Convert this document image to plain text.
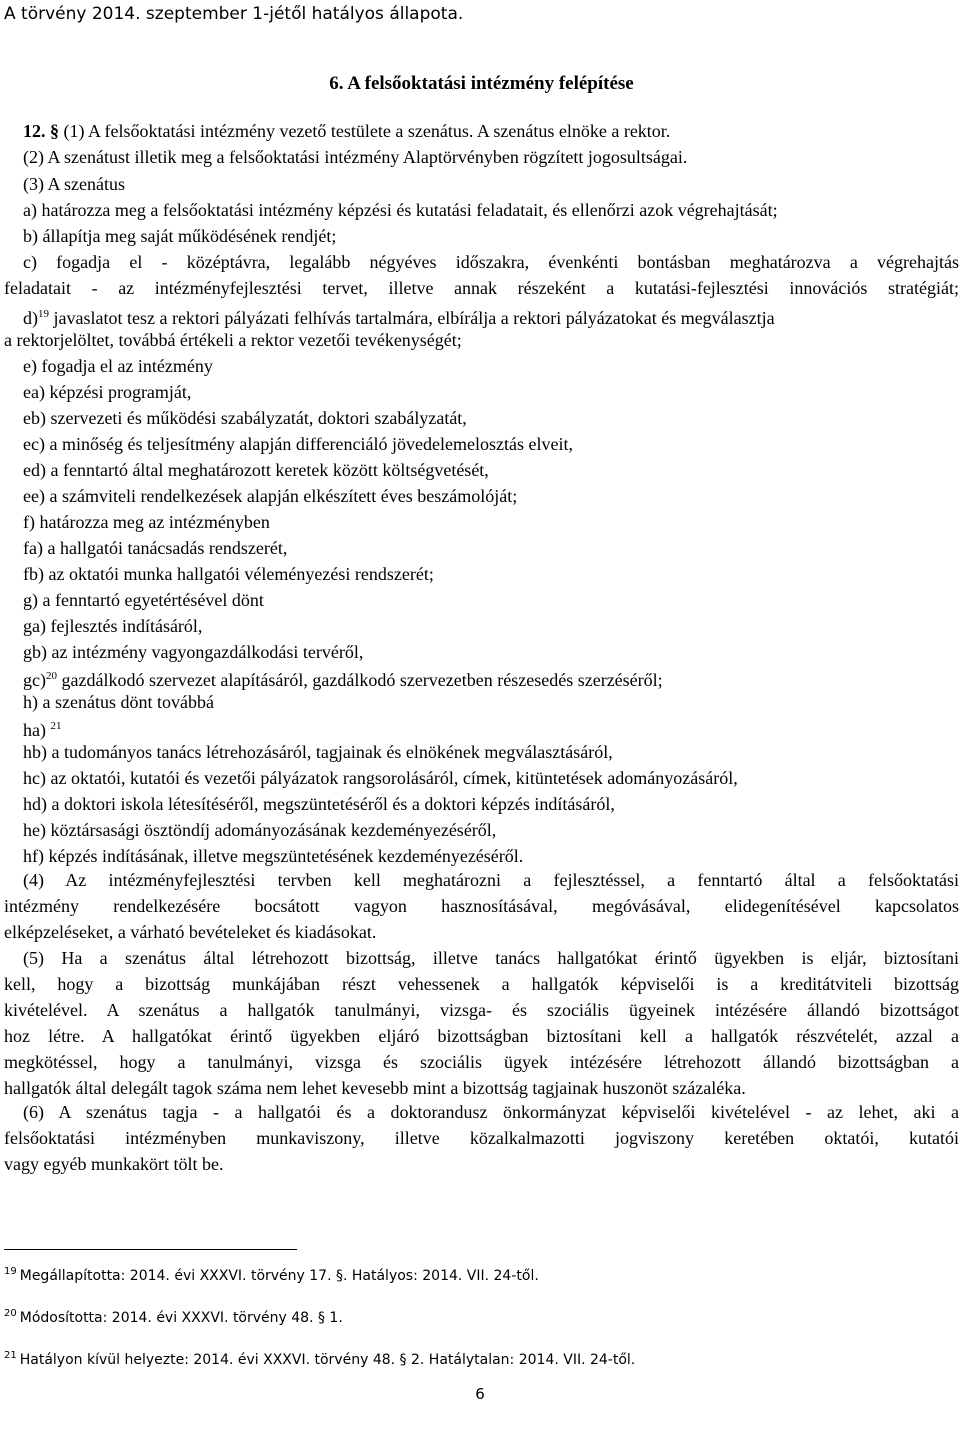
A törvény 2014. szeptember 1-jétől hatályos állapota.
6. A felsőoktatási intézmény felépítése
12. § (1) A felsőoktatási intézmény vezető testülete a szenátus. A szenátus elnöke a rektor.
(2) A szenátust illetik meg a felsőoktatási intézmény Alaptörvényben rögzített jogosultságai.
(3) A szenátus
a) határozza meg a felsőoktatási intézmény képzési és kutatási feladatait, és ellenőrzi azok végrehajtását;
b) állapítja meg saját működésének rendjét;
c) fogadja el - középtávra, legalább négyéves időszakra, évenkénti bontásban meghatározva a végrehajtás
feladatait - az intézményfejlesztési tervet, illetve annak részeként a kutatási-fejlesztési innovációs stratégiát;
d)$^{19}$ javaslatot tesz a rektori pályázati felhívás tartalmára, elbírálja a rektori pályázatokat és megválasztja
a rektorjelöltet, továbbá értékeli a rektor vezetői tevékenységét;
e) fogadja el az intézmény
ea) képzési programját,
eb) szervezeti és működési szabályzatát, doktori szabályzatát,
ec) a minőség és teljesítmény alapján differenciáló jövedelemelosztás elveit,
ed) a fenntartó által meghatározott keretek között költségvetését,
ee) a számviteli rendelkezések alapján elkészített éves beszámolóját;
f) határozza meg az intézményben
fa) a hallgatói tanácsadás rendszerét,
fb) az oktatói munka hallgatói véleményezési rendszerét;
g) a fenntartó egyetértésével dönt
ga) fejlesztés indításáról,
gb) az intézmény vagyongazdálkodási tervéről,
gc)$^{20}$ gazdálkodó szervezet alapításáról, gazdálkodó szervezetben részesedés szerzéséről;
h) a szenátus dönt továbbá
ha) $^{21}$
hb) a tudományos tanács létrehozásáról, tagjainak és elnökének megválasztásáról,
hc) az oktatói, kutatói és vezetői pályázatok rangsorolásáról, címek, kitüntetések adományozásáról,
hd) a doktori iskola létesítéséről, megszüntetéséről és a doktori képzés indításáról,
he) köztársasági ösztöndíj adományozásának kezdeményezéséről,
hf) képzés indításának, illetve megszüntetésének kezdeményezéséről.
(4) Az intézményfejlesztési tervben kell meghatározni a fejlesztéssel, a fenntartó által a felsőoktatási
intézmény rendelkezésére bocsátott vagyon hasznosításával, megóvásával, elidegenítésével kapcsolatos
elképzeléseket, a várható bevételeket és kiadásokat.
(5) Ha a szenátus által létrehozott bizottság, illetve tanács hallgatókat érintő ügyekben is eljár, biztosítani
kell, hogy a bizottság munkájában részt vehessenek a hallgatók képviselői is a kreditátviteli bizottság
kivételével. A szenátus a hallgatók tanulmányi, vizsga- és szociális ügyeinek intézésére állandó bizottságot
hoz létre. A hallgatókat érintő ügyekben eljáró bizottságban biztosítani kell a hallgatók részvételét, azzal a
megkötéssel, hogy a tanulmányi, vizsga és szociális ügyek intézésére létrehozott állandó bizottságban a
hallgatók által delegált tagok száma nem lehet kevesebb mint a bizottság tagjainak huszonöt százaléka.
(6) A szenátus tagja - a hallgatói és a doktorandusz önkormányzat képviselői kivételével - az lehet, aki a
felsőoktatási intézményben munkaviszony, illetve közalkalmazotti jogviszony keretében oktatói, kutatói
vagy egyéb munkakört tölt be.
$^{19}$ Megállapította: 2014. évi XXXVI. törvény 17. §. Hatályos: 2014. VII. 24-től.
$^{20}$ Módosította: 2014. évi XXXVI. törvény 48. § 1.
$^{21}$ Hatályon kívül helyezte: 2014. évi XXXVI. törvény 48. § 2. Hatálytalan: 2014. VII. 24-től.
6
